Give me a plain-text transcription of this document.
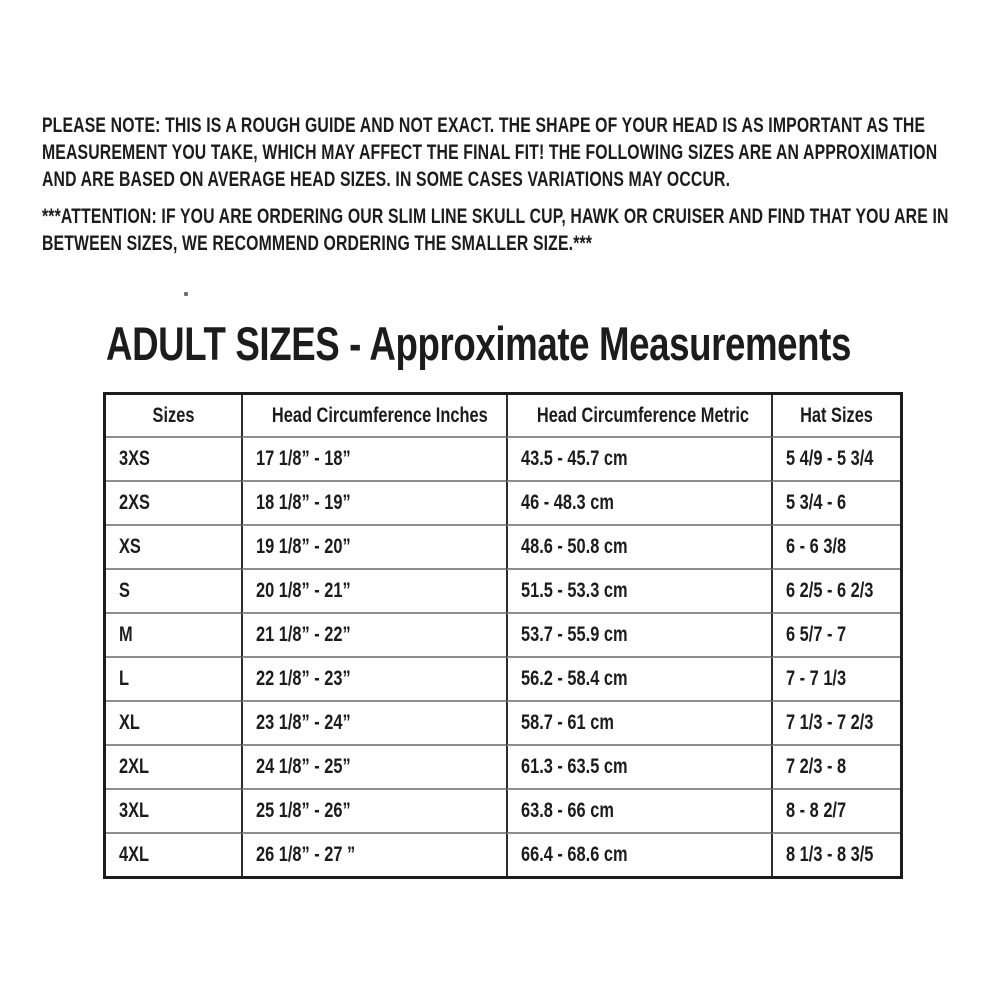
PLEASE NOTE: THIS IS A ROUGH GUIDE AND NOT EXACT. THE SHAPE OF YOUR HEAD IS AS IMPORTANT AS THE MEASUREMENT YOU TAKE, WHICH MAY AFFECT THE FINAL FIT! THE FOLLOWING SIZES ARE AN APPROXIMATION AND ARE BASED ON AVERAGE HEAD SIZES. IN SOME CASES VARIATIONS MAY OCCUR.
***ATTENTION: IF YOU ARE ORDERING OUR SLIM LINE SKULL CUP, HAWK OR CRUISER AND FIND THAT YOU ARE IN BETWEEN SIZES, WE RECOMMEND ORDERING THE SMALLER SIZE.***
ADULT SIZES - Approximate Measurements
Sizes	Head Circumference Inches	Head Circumference Metric	Hat Sizes

3XS	17 1/8” - 18”	43.5 - 45.7 cm	5 4/9 - 5 3/4
2XS	18 1/8” - 19”	46 - 48.3 cm	5 3/4 - 6
XS	19 1/8” - 20”	48.6 - 50.8 cm	6 - 6 3/8
S	20 1/8” - 21”	51.5 - 53.3 cm	6 2/5 - 6 2/3
M	21 1/8” - 22”	53.7 - 55.9 cm	6 5/7 - 7
L	22 1/8” - 23”	56.2 - 58.4 cm	7 - 7 1/3
XL	23 1/8” - 24”	58.7 - 61 cm	7 1/3 - 7 2/3
2XL	24 1/8” - 25”	61.3 - 63.5 cm	7 2/3 - 8
3XL	25 1/8” - 26”	63.8 - 66 cm	8 - 8 2/7
4XL	26 1/8” - 27 ”	66.4 - 68.6 cm	8 1/3 - 8 3/5
